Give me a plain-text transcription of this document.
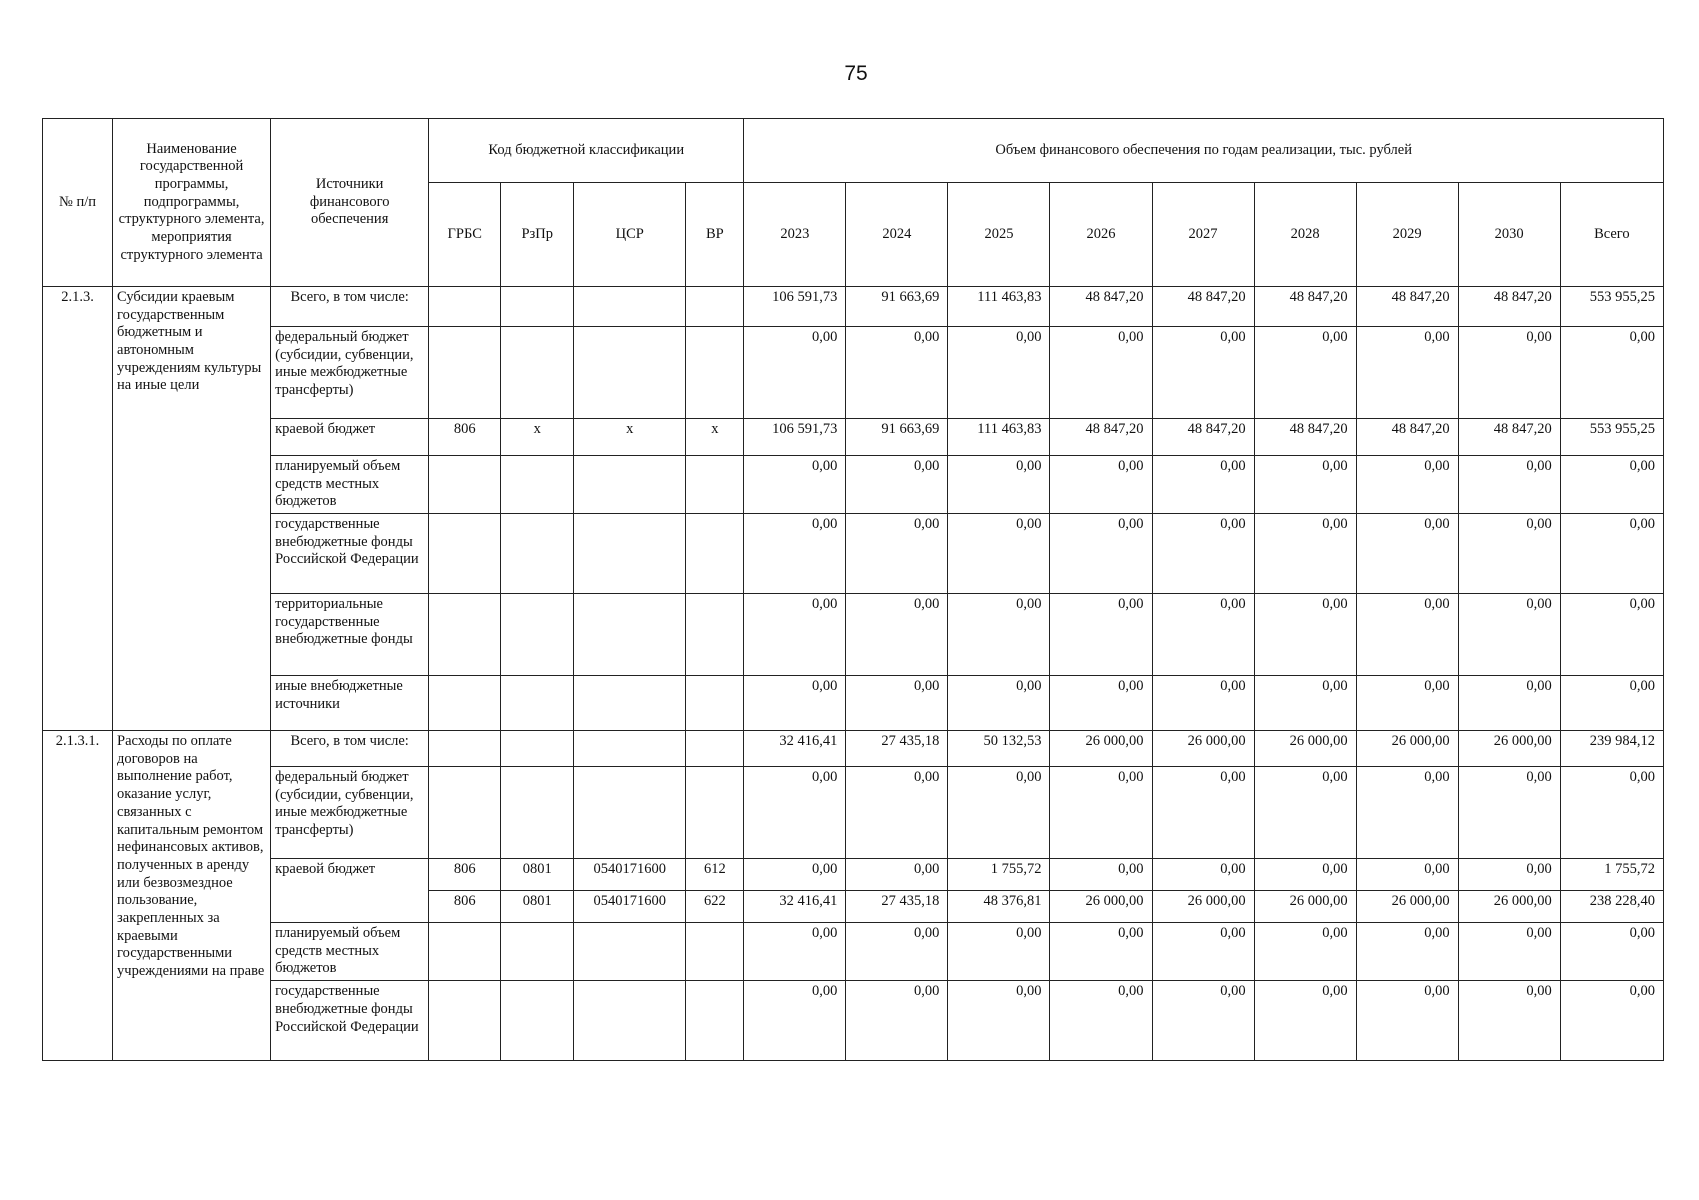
75
№ п/п	Наименование государственной программы, подпрограммы, структурного элемента, мероприятия структурного элемента	Источники финансового обеспечения	Код бюджетной классификации				Объем финансового обеспечения по годам реализации, тыс. рублей								
			ГРБС	РзПр	ЦСР	ВР	2023	2024	2025	2026	2027	2028	2029	2030	Всего
2.1.3.	Субсидии краевым государственным бюджетным и автономным учреждениям культуры на иные цели	Всего, в том числе:					106 591,73	91 663,69	111 463,83	48 847,20	48 847,20	48 847,20	48 847,20	48 847,20	553 955,25
		федеральный бюджет (субсидии, субвенции, иные межбюджетные трансферты)					0,00	0,00	0,00	0,00	0,00	0,00	0,00	0,00	0,00
		краевой бюджет	806	х	х	х	106 591,73	91 663,69	111 463,83	48 847,20	48 847,20	48 847,20	48 847,20	48 847,20	553 955,25
		планируемый объем средств местных бюджетов					0,00	0,00	0,00	0,00	0,00	0,00	0,00	0,00	0,00
		государственные внебюджетные фонды Российской Федерации					0,00	0,00	0,00	0,00	0,00	0,00	0,00	0,00	0,00
		территориальные государственные внебюджетные фонды					0,00	0,00	0,00	0,00	0,00	0,00	0,00	0,00	0,00
		иные внебюджетные источники					0,00	0,00	0,00	0,00	0,00	0,00	0,00	0,00	0,00
2.1.3.1.	Расходы по оплате договоров на выполнение работ, оказание услуг, связанных с капитальным ремонтом нефинансовых активов, полученных в аренду или безвозмездное пользование, закрепленных за краевыми государственными учреждениями на праве	Всего, в том числе:					32 416,41	27 435,18	50 132,53	26 000,00	26 000,00	26 000,00	26 000,00	26 000,00	239 984,12
		федеральный бюджет (субсидии, субвенции, иные межбюджетные трансферты)					0,00	0,00	0,00	0,00	0,00	0,00	0,00	0,00	0,00
		краевой бюджет	806	0801	0540171600	612	0,00	0,00	1 755,72	0,00	0,00	0,00	0,00	0,00	1 755,72
			806	0801	0540171600	622	32 416,41	27 435,18	48 376,81	26 000,00	26 000,00	26 000,00	26 000,00	26 000,00	238 228,40
		планируемый объем средств местных бюджетов					0,00	0,00	0,00	0,00	0,00	0,00	0,00	0,00	0,00
		государственные внебюджетные фонды Российской Федерации					0,00	0,00	0,00	0,00	0,00	0,00	0,00	0,00	0,00
